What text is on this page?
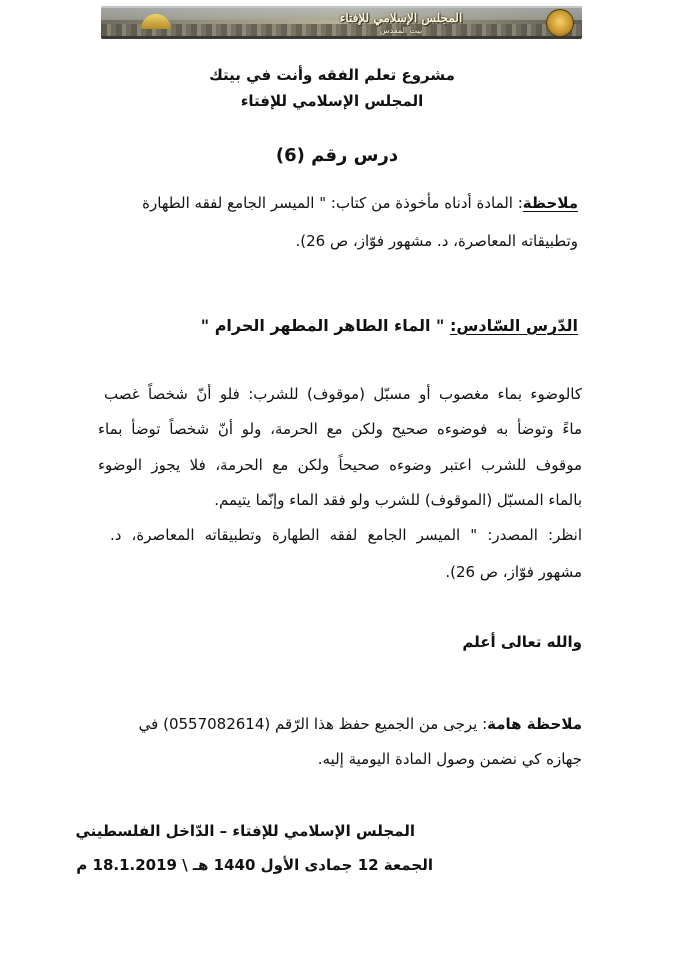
المجلس الإسلامي للإفتاء
بيت المقدس
مشروع تعلم الفقه وأنت في بيتك
المجلس الإسلامي للإفتاء
درس رقم (6)
ملاحظة: المادة أدناه مأخوذة من كتاب: " الميسر الجامع لفقه الطهارة
وتطبيقاته المعاصرة، د. مشهور فوّاز، ص 26).
الدّرس السّادس: " الماء الطاهر المطهر الحرام "
كالوضوء بماء مغصوب أو مسبّل (موقوف) للشرب: فلو أنّ شخصاً غصب
ماءً وتوضأ به فوضوءه صحيح ولكن مع الحرمة، ولو أنّ شخصاً توضأ بماء
موقوف للشرب اعتبر وضوءه صحيحاً ولكن مع الحرمة، فلا يجوز الوضوء
بالماء المسبّل (الموقوف) للشرب ولو فقد الماء وإنّما يتيمم.
انظر: المصدر: " الميسر الجامع لفقه الطهارة وتطبيقاته المعاصرة، د.
مشهور فوّاز، ص 26).
والله تعالى أعلم
ملاحظة هامة: يرجى من الجميع حفظ هذا الرّقم (0557082614) في
جهازه كي نضمن وصول المادة اليومية إليه.
المجلس الإسلامي للإفتاء – الدّاخل الفلسطيني
الجمعة 12 جمادى الأول 1440 هـ \ 18.1.2019 م
